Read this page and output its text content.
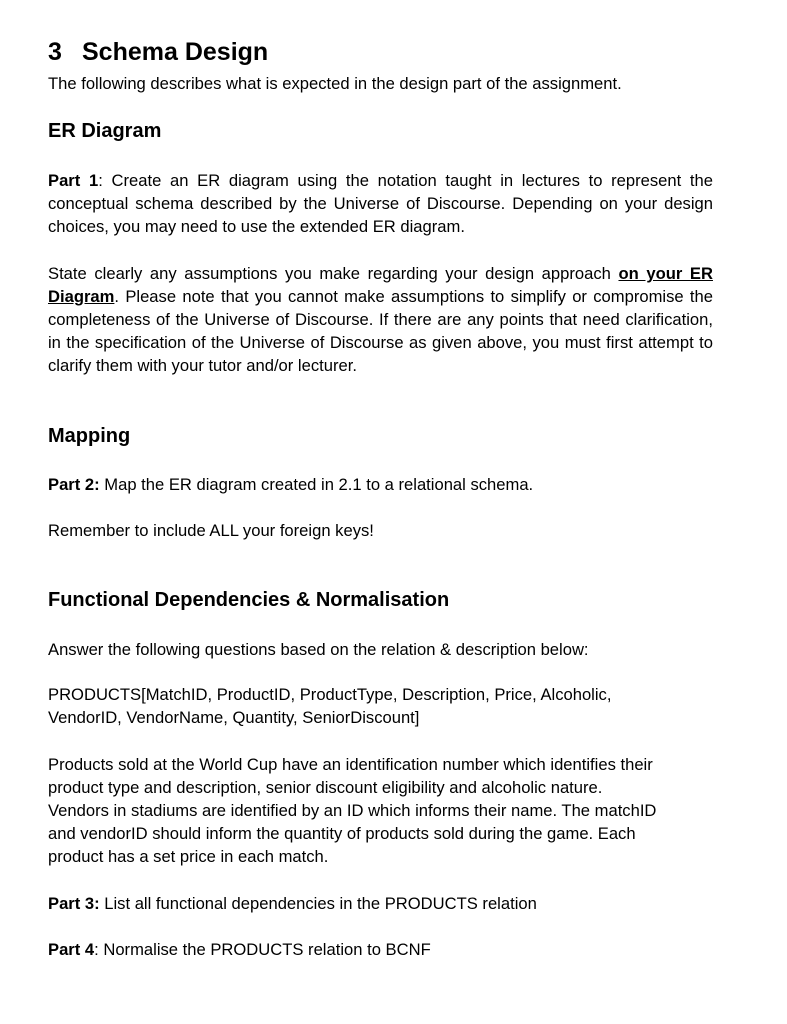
3 Schema Design
The following describes what is expected in the design part of the assignment.
ER Diagram
Part 1: Create an ER diagram using the notation taught in lectures to represent the conceptual schema described by the Universe of Discourse. Depending on your design choices, you may need to use the extended ER diagram.
State clearly any assumptions you make regarding your design approach on your ER Diagram. Please note that you cannot make assumptions to simplify or compromise the completeness of the Universe of Discourse. If there are any points that need clarification, in the specification of the Universe of Discourse as given above, you must first attempt to clarify them with your tutor and/or lecturer.
Mapping
Part 2: Map the ER diagram created in 2.1 to a relational schema.
Remember to include ALL your foreign keys!
Functional Dependencies & Normalisation
Answer the following questions based on the relation & description below:
PRODUCTS[MatchID, ProductID, ProductType, Description, Price, Alcoholic,
VendorID, VendorName, Quantity, SeniorDiscount]
Products sold at the World Cup have an identification number which identifies their
product type and description, senior discount eligibility and alcoholic nature.
Vendors in stadiums are identified by an ID which informs their name. The matchID
and vendorID should inform the quantity of products sold during the game. Each
product has a set price in each match.
Part 3: List all functional dependencies in the PRODUCTS relation
Part 4: Normalise the PRODUCTS relation to BCNF
